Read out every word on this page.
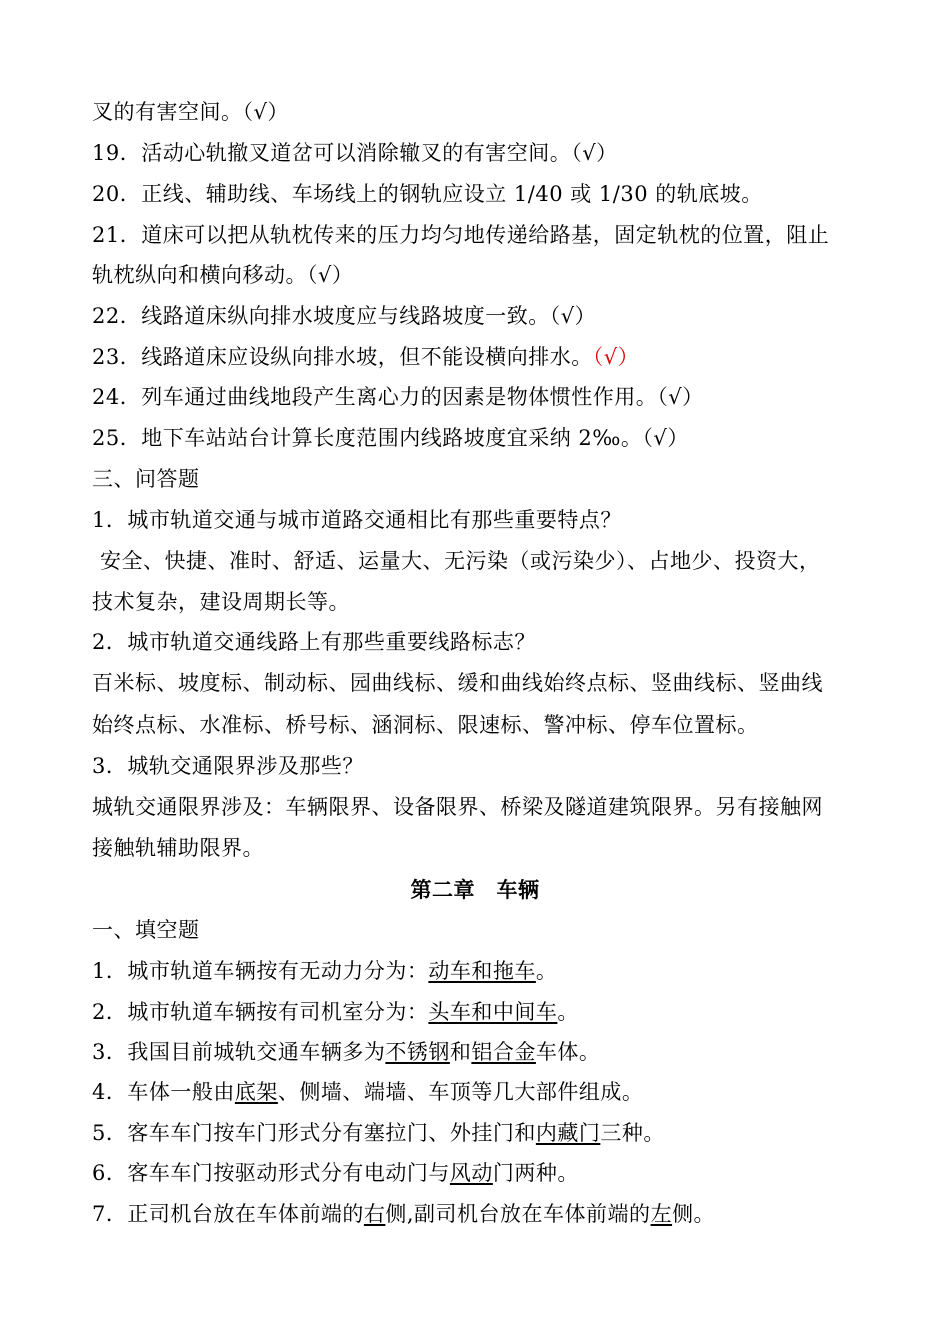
叉的有害空间。（√）
19．活动心轨撤叉道岔可以消除辙叉的有害空间。（√）
20．正线、辅助线、车场线上的钢轨应设立 1/40 或 1/30 的轨底坡。
21．道床可以把从轨枕传来的压力均匀地传递给路基，固定轨枕的位置，阻止
轨枕纵向和横向移动。（√）
22．线路道床纵向排水坡度应与线路坡度一致。（√）
23．线路道床应设纵向排水坡，但不能设横向排水。（√）
24．列车通过曲线地段产生离心力的因素是物体惯性作用。（√）
25．地下车站站台计算长度范围内线路坡度宜采纳 2‰。（√）
三、问答题
1．城市轨道交通与城市道路交通相比有那些重要特点？
安全、快捷、准时、舒适、运量大、无污染（或污染少）、占地少、投资大，
技术复杂，建设周期长等。
2．城市轨道交通线路上有那些重要线路标志？
百米标、坡度标、制动标、园曲线标、缓和曲线始终点标、竖曲线标、竖曲线
始终点标、水准标、桥号标、涵洞标、限速标、警冲标、停车位置标。
3．城轨交通限界涉及那些？
城轨交通限界涉及：车辆限界、设备限界、桥梁及隧道建筑限界。另有接触网
接触轨辅助限界。
第二章　车辆
一、填空题
1．城市轨道车辆按有无动力分为：动车和拖车。
2．城市轨道车辆按有司机室分为：头车和中间车。
3．我国目前城轨交通车辆多为不锈钢和铝合金车体。
4．车体一般由底架、侧墙、端墙、车顶等几大部件组成。
5．客车车门按车门形式分有塞拉门、外挂门和内藏门三种。
6．客车车门按驱动形式分有电动门与风动门两种。
7．正司机台放在车体前端的右侧,副司机台放在车体前端的左侧。
